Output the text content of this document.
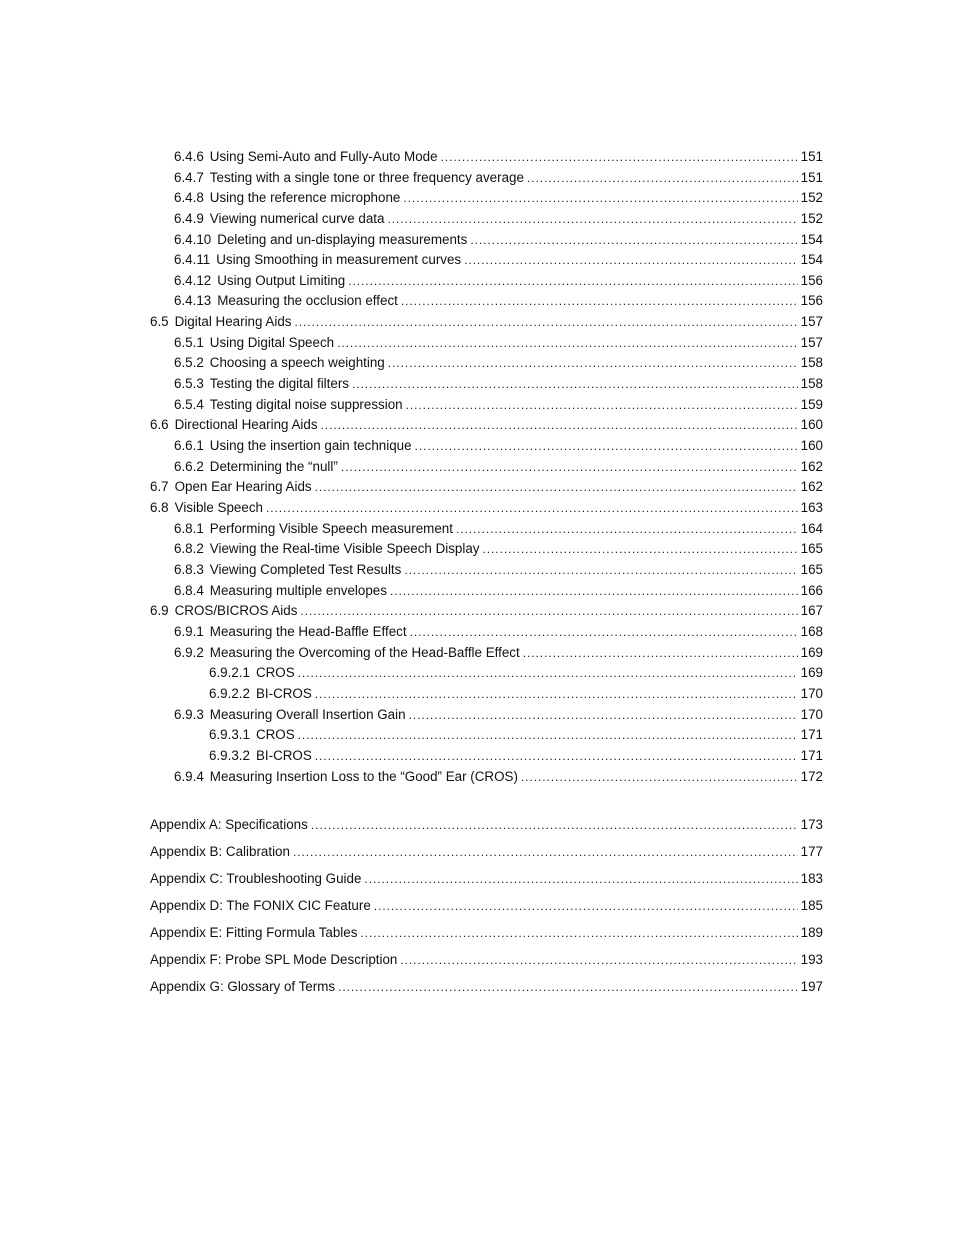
6.4.6 Using Semi-Auto and Fully-Auto Mode . . .	151
6.4.7 Testing with a single tone or three frequency average . . .	151
6.4.8 Using the reference microphone . . .	152
6.4.9 Viewing numerical curve data . . .	152
6.4.10 Deleting and un-displaying measurements . . .	154
6.4.11 Using Smoothing in measurement curves . . .	154
6.4.12 Using Output Limiting . . .	156
6.4.13 Measuring the occlusion effect . . .	156
6.5 Digital Hearing Aids . . .	157
6.5.1 Using Digital Speech . . .	157
6.5.2 Choosing a speech weighting . . .	158
6.5.3 Testing the digital filters . . .	158
6.5.4 Testing digital noise suppression . . .	159
6.6 Directional Hearing Aids . . .	160
6.6.1 Using the insertion gain technique . . .	160
6.6.2 Determining the “null” . . .	162
6.7 Open Ear Hearing Aids . . .	162
6.8 Visible Speech . . .	163
6.8.1 Performing Visible Speech measurement . . .	164
6.8.2 Viewing the Real-time Visible Speech Display . . .	165
6.8.3 Viewing Completed Test Results . . .	165
6.8.4 Measuring multiple envelopes . . .	166
6.9 CROS/BICROS Aids . . .	167
6.9.1 Measuring the Head-Baffle Effect . . .	168
6.9.2 Measuring the Overcoming of the Head-Baffle Effect . . .	169
6.9.2.1 CROS . . .	169
6.9.2.2 BI-CROS . . .	170
6.9.3 Measuring Overall Insertion Gain . . .	170
6.9.3.1 CROS . . .	171
6.9.3.2 BI-CROS . . .	171
6.9.4 Measuring Insertion Loss to the “Good” Ear (CROS) . . .	172
Appendix A: Specifications . . .	173
Appendix B: Calibration . . .	177
Appendix C: Troubleshooting Guide . . .	183
Appendix D: The FONIX CIC Feature . . .	185
Appendix E: Fitting Formula Tables . . .	189
Appendix F: Probe SPL Mode Description . . .	193
Appendix G: Glossary of Terms . . .	197
